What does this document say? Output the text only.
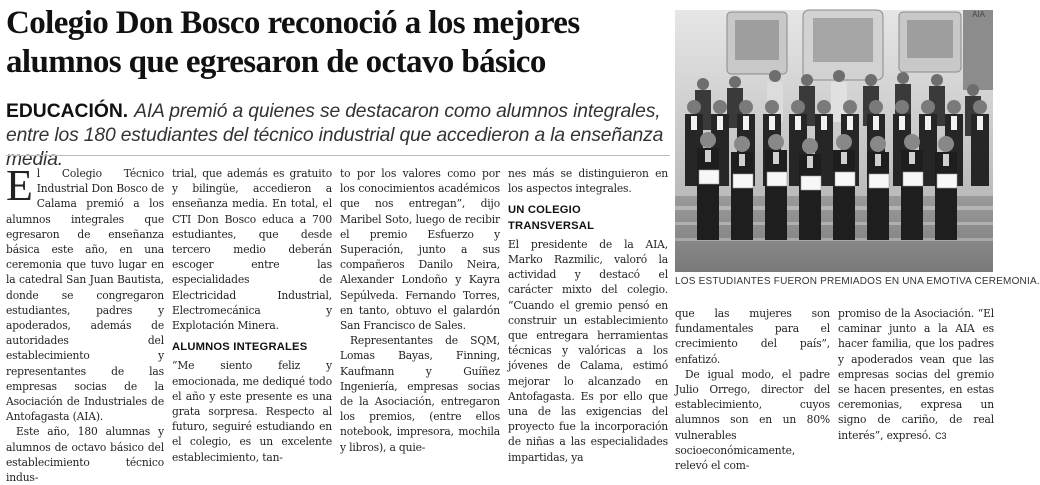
Colegio Don Bosco reconoció a los mejores
alumnos que egresaron de octavo básico
EDUCACIÓN. AIA premió a quienes se destacaron como alumnos integrales, entre los 180 estudiantes del técnico industrial que accedieron a la enseñanza media.
AIA
LOS ESTUDIANTES FUERON PREMIADOS EN UNA EMOTIVA CEREMONIA.

El Colegio Técnico Industrial Don Bosco de Calama premió a los alumnos integrales que egresaron de enseñanza básica este año, en una ceremonia que tuvo lugar en la catedral San Juan Bautista, donde se congregaron estudiantes, padres y apoderados, además de autoridades del establecimiento y representantes de las empresas socias de la Asociación de Industriales de Antofagasta (AIA).

Este año, 180 alumnas y alumnos de octavo básico del establecimiento técnico indus-

trial, que además es gratuito y bilingüe, accedieron a enseñanza media. En total, el CTI Don Bosco educa a 700 estudiantes, que desde tercero medio deberán escoger entre las especialidades de Electricidad Industrial, Electromecánica y Explotación Minera.

ALUMNOS INTEGRALES

“Me siento feliz y emocionada, me dediqué todo el año y este presente es una grata sorpresa. Respecto al futuro, seguiré estudiando en el colegio, es un excelente establecimiento, tan-

to por los valores como por los conocimientos académicos que nos entregan”, dijo Maribel Soto, luego de recibir el premio Esfuerzo y Superación, junto a sus compañeros Danilo Neira, Alexander Londoño y Kayra Sepúlveda. Fernando Torres, en tanto, obtuvo el galardón San Francisco de Sales.

Representantes de SQM, Lomas Bayas, Finning, Kaufmann y Guíñez Ingeniería, empresas socias de la Asociación, entregaron los premios, (entre ellos notebook, impresora, mochila y libros), a quie-

nes más se distinguieron en los aspectos integrales.

UN COLEGIO TRANSVERSAL

El presidente de la AIA, Marko Razmilic, valoró la actividad y destacó el carácter mixto del colegio. “Cuando el gremio pensó en construir un establecimiento que entregara herramientas técnicas y valóricas a los jóvenes de Calama, estimó mejorar lo alcanzado en Antofagasta. Es por ello que una de las exigencias del proyecto fue la incorporación de niñas a las especialidades impartidas, ya

que las mujeres son fundamentales para el crecimiento del país”, enfatizó.

De igual modo, el padre Julio Orrego, director del establecimiento, cuyos alumnos son en un 80% vulnerables socioeconómicamente, relevó el com-

promiso de la Asociación. “El caminar junto a la AIA es hacer familia, que los padres y apoderados vean que las empresas socias del gremio se hacen presentes, en estas ceremonias, expresa un signo de cariño, de real interés”, expresó. C3
